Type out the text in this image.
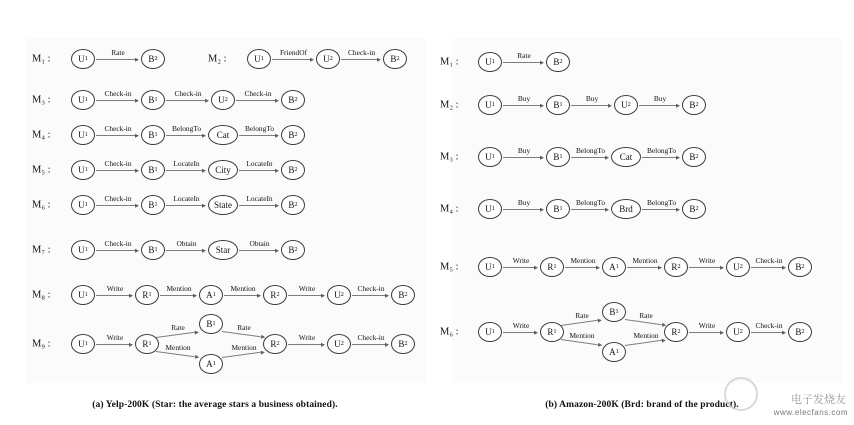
M₁ :
Rate
U 1	B 2	M₂ :
FriendOf	Check-in
U 1	U 2	B 2
M₃ :
Check-in	Check-in	Check-in
U 1	B 1	U 2	B 2
M₄ :
Check-in	BelongTo	BelongTo
U 1	B 1	Cat	B 2
M₅ :
Check-in	LocateIn	LocateIn
U 1	B 1	City	B 2
M₆ :
Check-in	LocateIn	LocateIn
U 1	B 1	State	B 2
M₇ :
Check-in	Obtain	Obtain
U 1	B 1	Star	B 2
M₈ :
Write	Mention	Mention	Write	Check-in
U 1	R 1	A 1	R 2	U 2	B 2
M₉ :
Write
Rate
Mention
Rate
Mention
Write	Check-in
U 1	R 1
B 1
A 1
R 2	U 2	B 2
(a) Yelp-200K (Star: the average stars a business obtained).
M₁ :
Rate
U 1	B 2
M₂ :
Buy	Buy	Buy
U 1	B 1	U 2	B 2
M₃ :
Buy	BelongTo	BelongTo
U 1	B 1	Cat	B 2
M₄ :
Buy	BelongTo	BelongTo
U 1	B 1	Brd	B 2
M₅ :
Write	Mention	Mention	Write	Check-in
U 1	R 1	A 1	R 2	U 2	B 2
M₆ :
Write
Rate
Mention
Rate
Mention
Write	Check-in
U 1	R 1
B 1
A 1
R 2	U 2	B 2
(b) Amazon-200K (Brd: brand of the product).	电子发烧友
www.elecfans.com
